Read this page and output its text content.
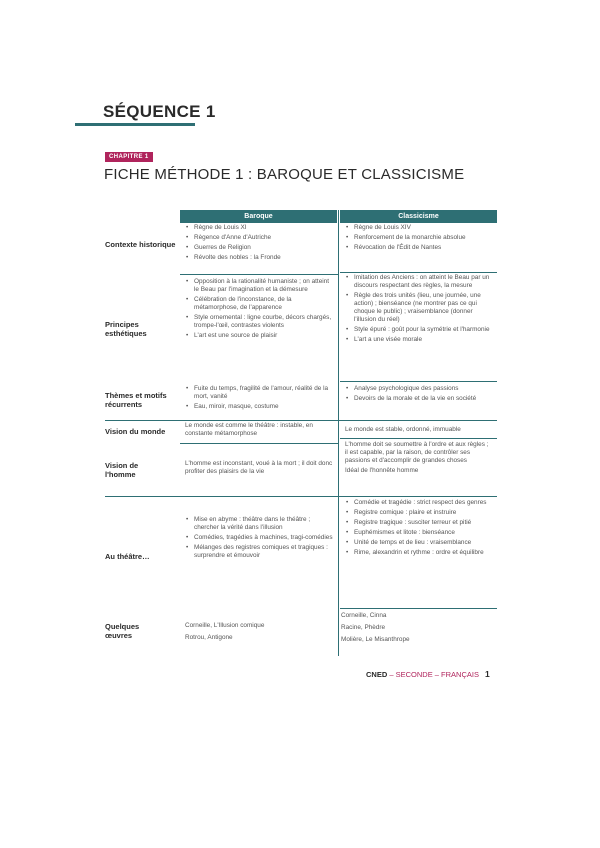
SÉQUENCE 1
CHAPITRE 1
FICHE MÉTHODE 1 : BAROQUE ET CLASSICISME
Baroque	Classicisme
Contexte historique
• Règne de Louis XI
• Règence d'Anne d'Autriche
• Guerres de Religion
• Révolte des nobles : la Fronde
• Règne de Louis XIV
• Renforcement de la monarchie absolue
• Révocation de l'Édit de Nantes
Principes esthétiques
• Opposition à la rationalité humaniste ; on atteint le Beau par l'imagination et la démesure
• Célébration de l'inconstance, de la métamorphose, de l'apparence
• Style ornemental : ligne courbe, décors chargés, trompe-l'œil, contrastes violents
• L'art est une source de plaisir
• Imitation des Anciens : on atteint le Beau par un discours respectant des règles, la mesure
• Règle des trois unités (lieu, une journée, une action) ; bienséance (ne montrer pas ce qui choque le public) ; vraisemblance (donner l'illusion du réel)
• Style épuré : goût pour la symétrie et l'harmonie
• L'art a une visée morale
Thèmes et motifs récurrents
• Fuite du temps, fragilité de l'amour, réalité de la mort, vanité
• Eau, miroir, masque, costume
• Analyse psychologique des passions
• Devoirs de la morale et de la vie en société
Vision du monde
Le monde est comme le théâtre : instable, en constante métamorphose
Le monde est stable, ordonné, immuable
Vision de l'homme
L'homme est inconstant, voué à la mort ; il doit donc profiter des plaisirs de la vie
L'homme doit se soumettre à l'ordre et aux règles ; il est capable, par la raison, de contrôler ses passions et d'accomplir de grandes choses
Idéal de l'honnête homme
Au théâtre…
• Mise en abyme : théâtre dans le théâtre ; chercher la vérité dans l'illusion
• Comédies, tragédies à machines, tragi-comédies
• Mélanges des registres comiques et tragiques : surprendre et émouvoir
• Comédie et tragédie : strict respect des genres
• Registre comique : plaire et instruire
• Registre tragique : susciter terreur et pitié
• Euphémismes et litote : bienséance
• Unité de temps et de lieu : vraisemblance
• Rime, alexandrin et rythme : ordre et équilibre
Quelques œuvres
Corneille, L'Illusion comique
Rotrou, Antigone
Corneille, Cinna
Racine, Phèdre
Molière, Le Misanthrope
CNED – SECONDE – FRANÇAIS 1
